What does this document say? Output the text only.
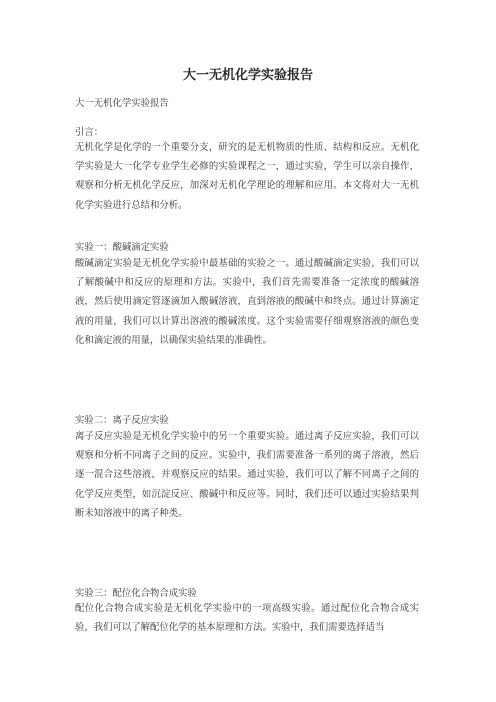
大一无机化学实验报告

大一无机化学实验报告

引言：

无机化学是化学的一个重要分支，研究的是无机物质的性质、结构和反应。无机化学实验是大一化学专业学生必修的实验课程之一，通过实验，学生可以亲自操作，观察和分析无机化学反应，加深对无机化学理论的理解和应用。本文将对大一无机化学实验进行总结和分析。

实验一：酸碱滴定实验

酸碱滴定实验是无机化学实验中最基础的实验之一。通过酸碱滴定实验，我们可以了解酸碱中和反应的原理和方法。实验中，我们首先需要准备一定浓度的酸碱溶液，然后使用滴定管逐滴加入酸碱溶液，直到溶液的酸碱中和终点。通过计算滴定液的用量，我们可以计算出溶液的酸碱浓度。这个实验需要仔细观察溶液的颜色变化和滴定液的用量，以确保实验结果的准确性。

实验二：离子反应实验

离子反应实验是无机化学实验中的另一个重要实验。通过离子反应实验，我们可以观察和分析不同离子之间的反应。实验中，我们需要准备一系列的离子溶液，然后逐一混合这些溶液，并观察反应的结果。通过实验，我们可以了解不同离子之间的化学反应类型，如沉淀反应、酸碱中和反应等。同时，我们还可以通过实验结果判断未知溶液中的离子种类。

实验三：配位化合物合成实验

配位化合物合成实验是无机化学实验中的一项高级实验。通过配位化合物合成实验，我们可以了解配位化学的基本原理和方法。实验中，我们需要选择适当
